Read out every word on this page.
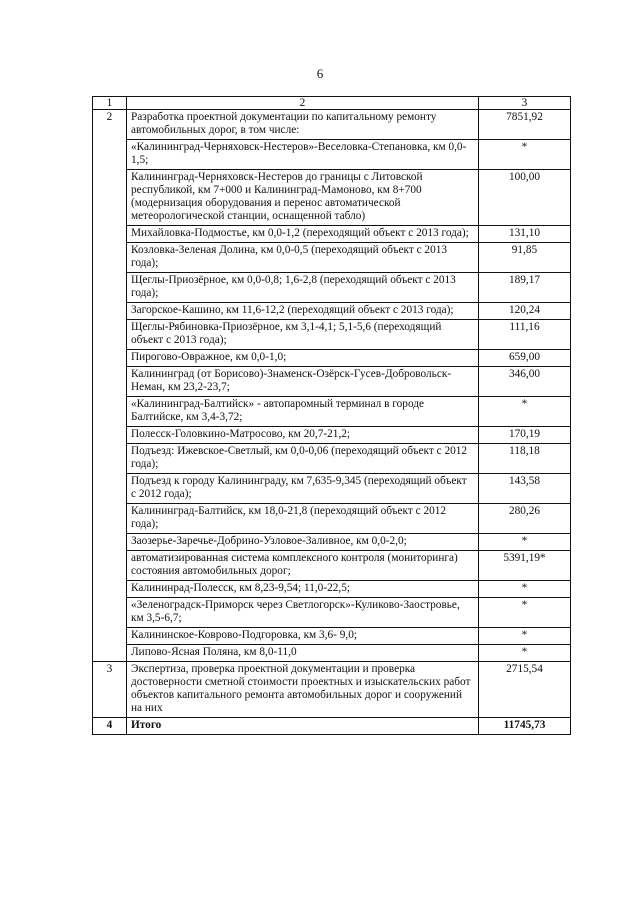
6
1	2	3
2	Разработка проектной документации по капитальному ремонту автомобильных дорог, в том числе:	7851,92
	«Калининград-Черняховск-Нестеров»-Веселовка-Степановка, км 0,0-1,5;	*
	Калининград-Черняховск-Нестеров до границы с Литовской республикой, км 7+000 и Калининград-Мамоново, км 8+700 (модернизация оборудования и перенос автоматической метеорологической станции, оснащенной табло)	100,00
	Михайловка-Подмостье, км 0,0-1,2 (переходящий объект с 2013 года);	131,10
	Козловка-Зеленая Долина, км 0,0-0,5 (переходящий объект с 2013 года);	91,85
	Щеглы-Приозёрное, км 0,0-0,8; 1,6-2,8 (переходящий объект с 2013 года);	189,17
	Загорское-Кашино, км 11,6-12,2 (переходящий объект с 2013 года);	120,24
	Щеглы-Рябиновка-Приозёрное, км 3,1-4,1; 5,1-5,6 (переходящий объект с 2013 года);	111,16
	Пирогово-Овражное, км 0,0-1,0;	659,00
	Калининград (от Борисово)-Знаменск-Озёрск-Гусев-Добровольск- Неман, км 23,2-23,7;	346,00
	«Калининград-Балтийск» - автопаромный терминал в городе Балтийске, км 3,4-3,72;	*
	Полесск-Головкино-Матросово, км 20,7-21,2;	170,19
	Подъезд: Ижевское-Светлый, км 0,0-0,06 (переходящий объект с 2012 года);	118,18
	Подъезд к городу Калининграду, км 7,635-9,345 (переходящий объект с 2012 года);	143,58
	Калининград-Балтийск, км 18,0-21,8 (переходящий объект с 2012 года);	280,26
	Заозерье-Заречье-Добрино-Узловое-Заливное, км 0,0-2,0;	*
	автоматизированная система комплексного контроля (мониторинга) состояния автомобильных дорог;	5391,19*
	Калининрад-Полесск, км 8,23-9,54; 11,0-22,5;	*
	«Зеленоградск-Приморск через Светлогорск»-Куликово-Заостровье, км 3,5-6,7;	*
	Калининское-Коврово-Подгоровка, км 3,6- 9,0;	*
	Липово-Ясная Поляна, км 8,0-11,0	*
3	Экспертиза, проверка проектной документации и проверка достоверности сметной стоимости проектных и изыскательских работ объектов капитального ремонта автомобильных дорог и сооружений на них	2715,54
4	Итого	11745,73
